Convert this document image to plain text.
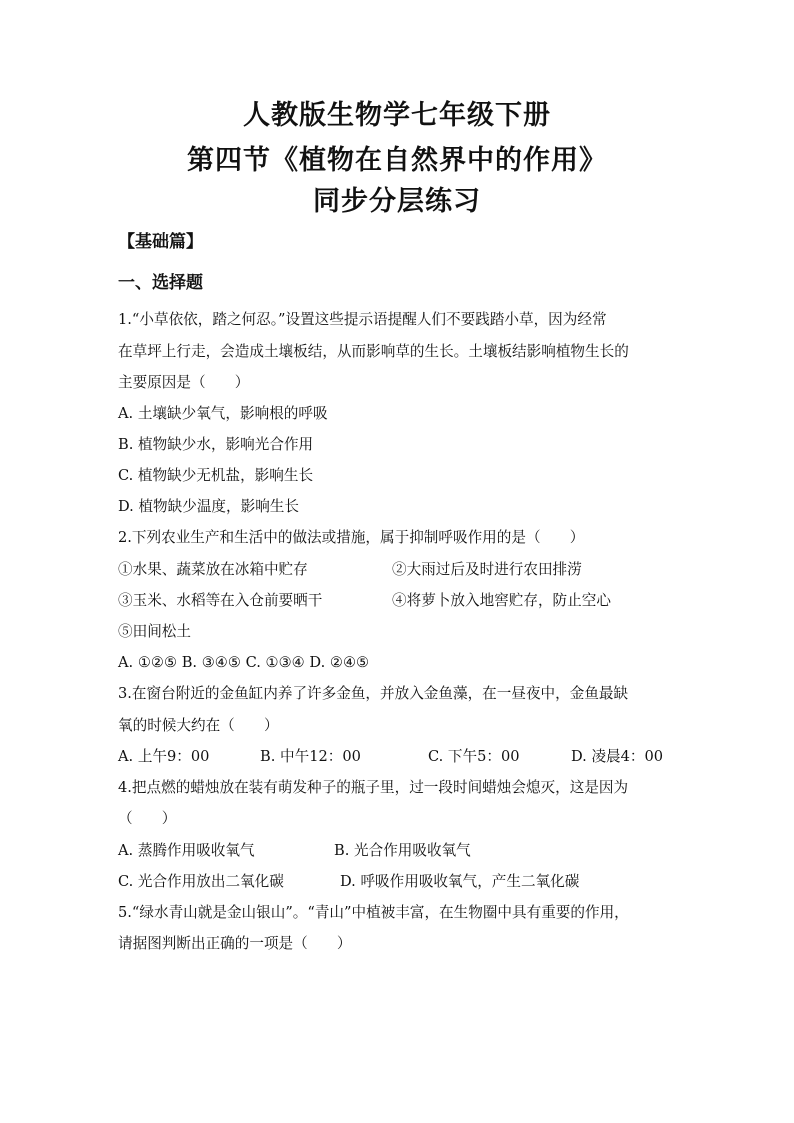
人教版生物学七年级下册
第四节《植物在自然界中的作用》
同步分层练习
【基础篇】
一、选择题
1.“小草依依，踏之何忍。”设置这些提示语提醒人们不要践踏小草，因为经常
在草坪上行走，会造成土壤板结，从而影响草的生长。土壤板结影响植物生长的
主要原因是（　　）
A. 土壤缺少氧气，影响根的呼吸
B. 植物缺少水，影响光合作用
C. 植物缺少无机盐，影响生长
D. 植物缺少温度，影响生长
2.下列农业生产和生活中的做法或措施，属于抑制呼吸作用的是（　　）
①水果、蔬菜放在冰箱中贮存	②大雨过后及时进行农田排涝
③玉米、水稻等在入仓前要晒干	④将萝卜放入地窖贮存，防止空心
⑤田间松土
A. ①②⑤ B. ③④⑤ C. ①③④ D. ②④⑤
3.在窗台附近的金鱼缸内养了许多金鱼，并放入金鱼藻，在一昼夜中，金鱼最缺
氧的时候大约在（　　）
A. 上午9：00	B. 中午12：00	C. 下午5：00	D. 凌晨4：00
4.把点燃的蜡烛放在装有萌发种子的瓶子里，过一段时间蜡烛会熄灭，这是因为
（　　）
A. 蒸腾作用吸收氧气	B. 光合作用吸收氧气
C. 光合作用放出二氧化碳	D. 呼吸作用吸收氧气，产生二氧化碳
5.“绿水青山就是金山银山”。“青山”中植被丰富，在生物圈中具有重要的作用，
请据图判断出正确的一项是（　　）
